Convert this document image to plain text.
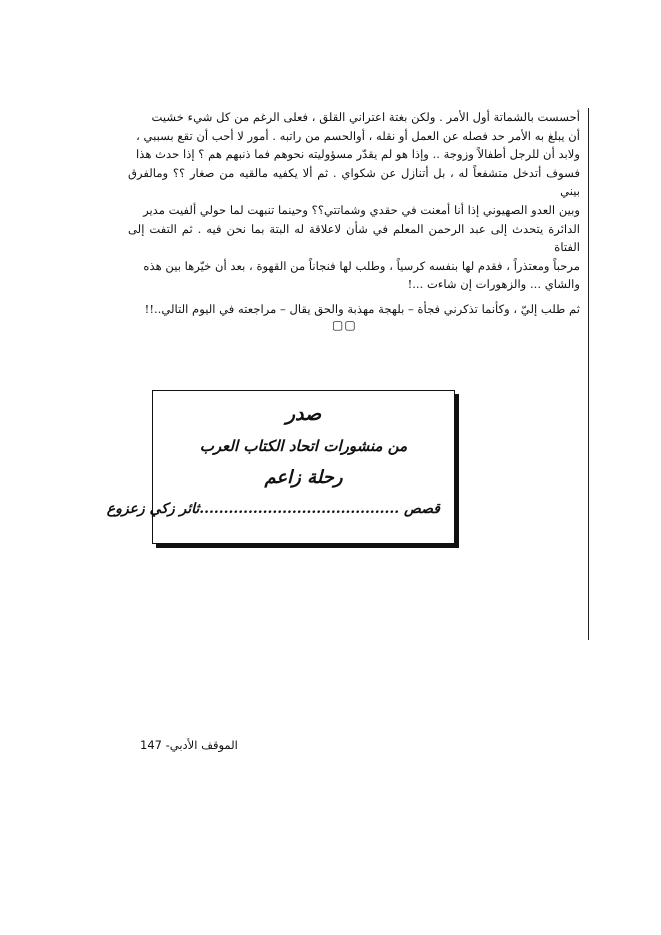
أحسست بالشماتة أول الأمر . ولكن بغتة اعتراني القلق ، فعلى الرغم من كل شيء خشيت

أن يبلغ به الأمر حد فصله عن العمل أو نقله ، أوالحسم من راتبه . أمور لا أحب أن تقع بسببي ،

ولابد أن للرجل أطفالاً وزوجة .. وإذا هو لم يقدّر مسؤوليته نحوهم فما ذنبهم هم ؟ إذا حدث هذا

فسوف أتدخل متشفعاً له ، بل أتنازل عن شكواي . ثم ألا يكفيه مالقيه من صغار ؟؟ ومالفرق بيني

وبين العدو الصهيوني إذا أنا أمعنت في حقدي وشماتتي؟؟ وحينما تنبهت لما حولي ألفيت مدير

الدائرة يتحدث إلى عبد الرحمن المعلم في شأن لاعلاقة له البتة بما نحن فيه . ثم التفت إلى الفتاة

مرحباً ومعتذراً ، فقدم لها بنفسه كرسياً ، وطلب لها فنجاناً من القهوة ، بعد أن خيّرها بين هذه

والشاي ... والزهورات إن شاءت ...!

ثم طلب إليّ ، وكأنما تذكرني فجأة – بلهجة مهذبة والحق يقال – مراجعته في اليوم التالي..!!

▢▢
صدر
من منشورات اتحاد الكتاب العرب
رحلة زاعم
قصص .........................................ثائر زكي زعزوع
الموقف الأدبي- 147
